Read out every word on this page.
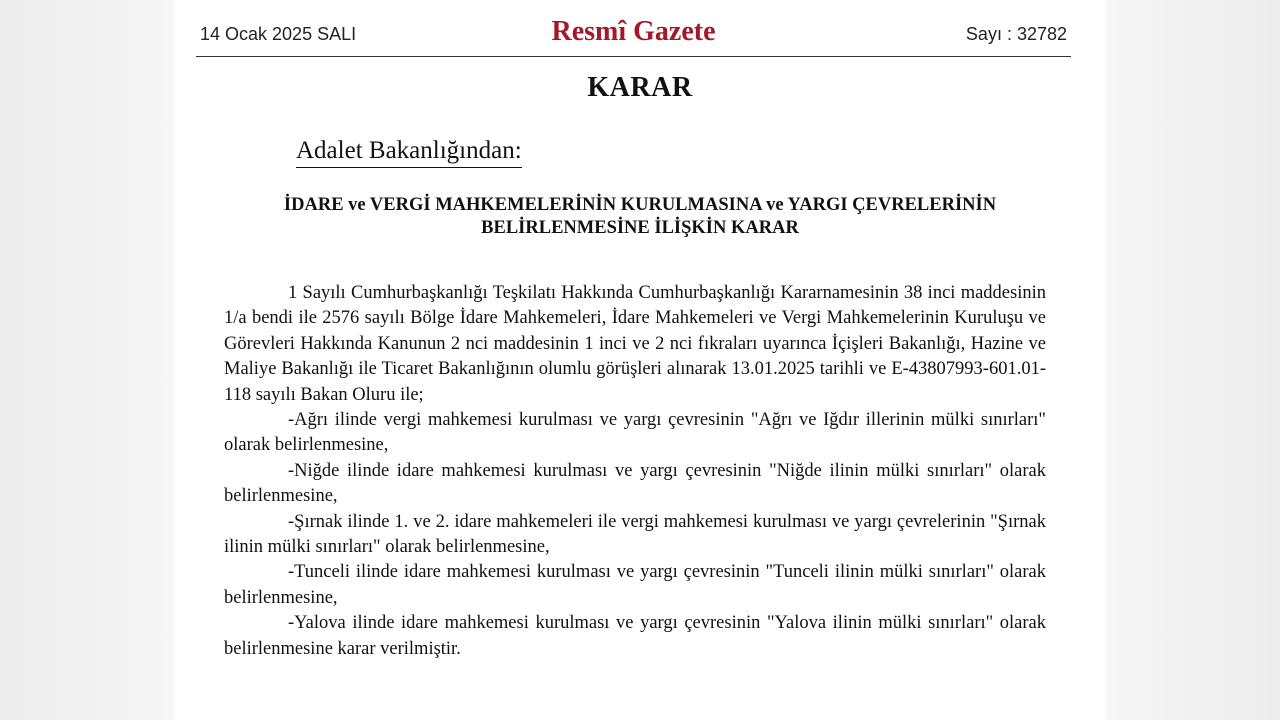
14 Ocak 2025 SALI	Resmî Gazete	Sayı : 32782
KARAR
Adalet Bakanlığından:
İDARE ve VERGİ MAHKEMELERİNİN KURULMASINA ve YARGI ÇEVRELERİNİN
BELİRLENMESİNE İLİŞKİN KARAR

1 Sayılı Cumhurbaşkanlığı Teşkilatı Hakkında Cumhurbaşkanlığı Kararnamesinin 38 inci maddesinin 1/a bendi ile 2576 sayılı Bölge İdare Mahkemeleri, İdare Mahkemeleri ve Vergi Mahkemelerinin Kuruluşu ve Görevleri Hakkında Kanunun 2 nci maddesinin 1 inci ve 2 nci fıkraları uyarınca İçişleri Bakanlığı, Hazine ve Maliye Bakanlığı ile Ticaret Bakanlığının olumlu görüşleri alınarak 13.01.2025 tarihli ve E-43807993-601.01-118 sayılı Bakan Oluru ile;

-Ağrı ilinde vergi mahkemesi kurulması ve yargı çevresinin "Ağrı ve Iğdır illerinin mülki sınırları" olarak belirlenmesine,

-Niğde ilinde idare mahkemesi kurulması ve yargı çevresinin "Niğde ilinin mülki sınırları" olarak belirlenmesine,

-Şırnak ilinde 1. ve 2. idare mahkemeleri ile vergi mahkemesi kurulması ve yargı çevrelerinin "Şırnak ilinin mülki sınırları" olarak belirlenmesine,

-Tunceli ilinde idare mahkemesi kurulması ve yargı çevresinin "Tunceli ilinin mülki sınırları" olarak belirlenmesine,

-Yalova ilinde idare mahkemesi kurulması ve yargı çevresinin "Yalova ilinin mülki sınırları" olarak belirlenmesine karar verilmiştir.
